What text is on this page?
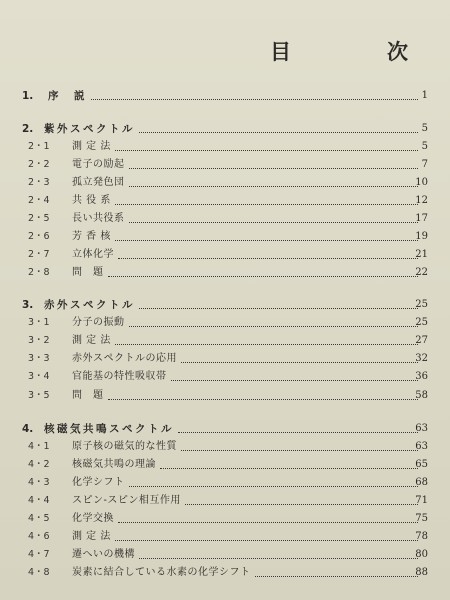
目	次
1. 序　説	1
2. 紫外スペクトル	5
2・1 測 定 法	5
2・2 電子の励起	7
2・3 孤立発色団	10
2・4 共 役 系	12
2・5 長い共役系	17
2・6 芳 香 核	19
2・7 立体化学	21
2・8 問　題	22
3. 赤外スペクトル	25
3・1 分子の振動	25
3・2 測 定 法	27
3・3 赤外スペクトルの応用	32
3・4 官能基の特性吸収帯	36
3・5 問　題	58
4. 核磁気共鳴スペクトル	63
4・1 原子核の磁気的な性質	63
4・2 核磁気共鳴の理論	65
4・3 化学シフト	68
4・4 スピン-スピン相互作用	71
4・5 化学交換	75
4・6 測 定 法	78
4・7 遷へいの機構	80
4・8 炭素に結合している水素の化学シフト	88
